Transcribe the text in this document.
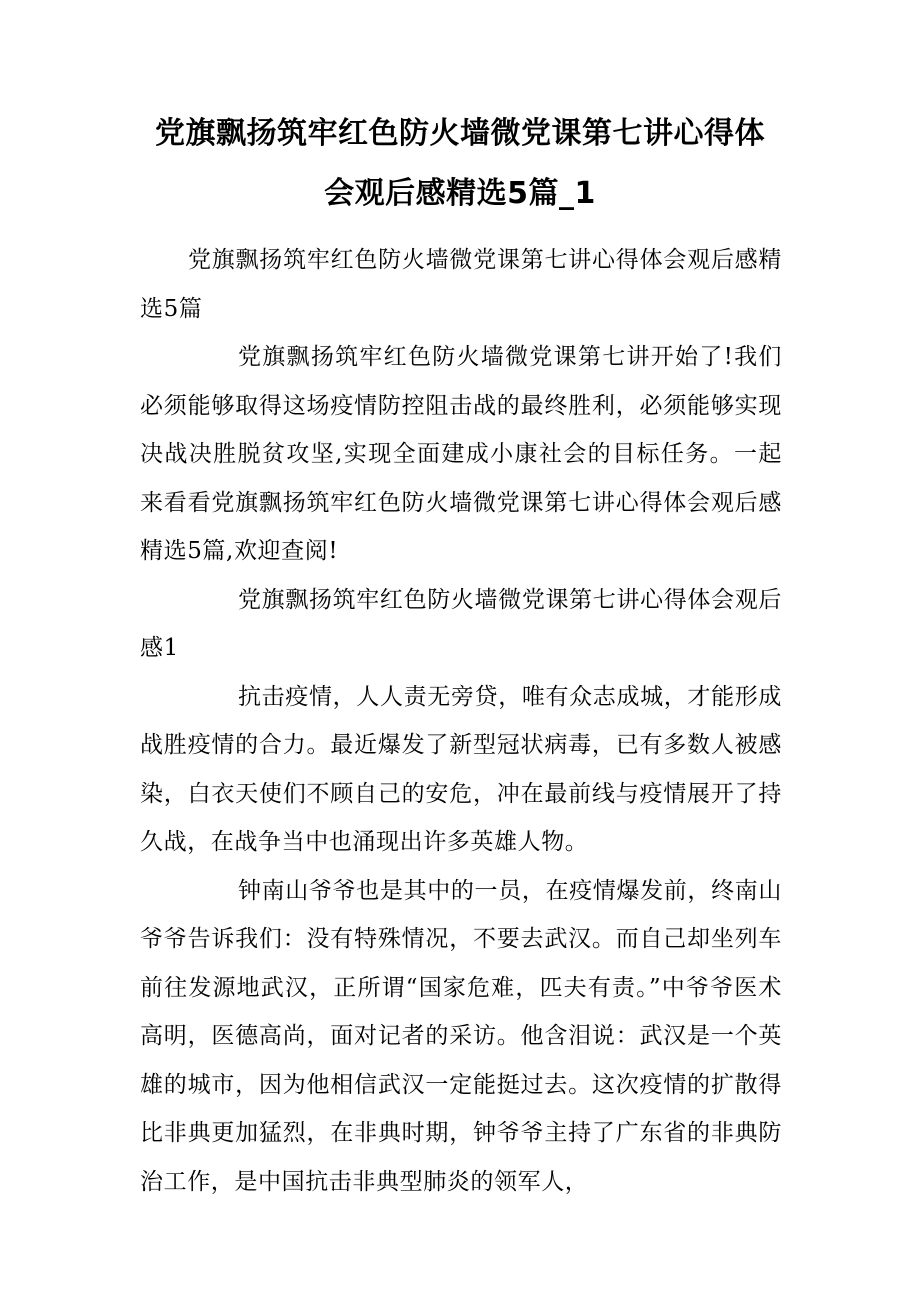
党旗飘扬筑牢红色防火墙微党课第七讲心得体会观后感精选5篇_1

党旗飘扬筑牢红色防火墙微党课第七讲心得体会观后感精选5篇

党旗飘扬筑牢红色防火墙微党课第七讲开始了!我们必须能够取得这场疫情防控阻击战的最终胜利，必须能够实现决战决胜脱贫攻坚,实现全面建成小康社会的目标任务。一起来看看党旗飘扬筑牢红色防火墙微党课第七讲心得体会观后感精选5篇,欢迎查阅!

党旗飘扬筑牢红色防火墙微党课第七讲心得体会观后感1

抗击疫情，人人责无旁贷，唯有众志成城，才能形成战胜疫情的合力。最近爆发了新型冠状病毒，已有多数人被感染，白衣天使们不顾自己的安危，冲在最前线与疫情展开了持久战，在战争当中也涌现出许多英雄人物。

钟南山爷爷也是其中的一员，在疫情爆发前，终南山爷爷告诉我们：没有特殊情况，不要去武汉。而自己却坐列车前往发源地武汉，正所谓“国家危难，匹夫有责。”中爷爷医术高明，医德高尚，面对记者的采访。他含泪说：武汉是一个英雄的城市，因为他相信武汉一定能挺过去。这次疫情的扩散得比非典更加猛烈，在非典时期，钟爷爷主持了广东省的非典防治工作，是中国抗击非典型肺炎的领军人，
